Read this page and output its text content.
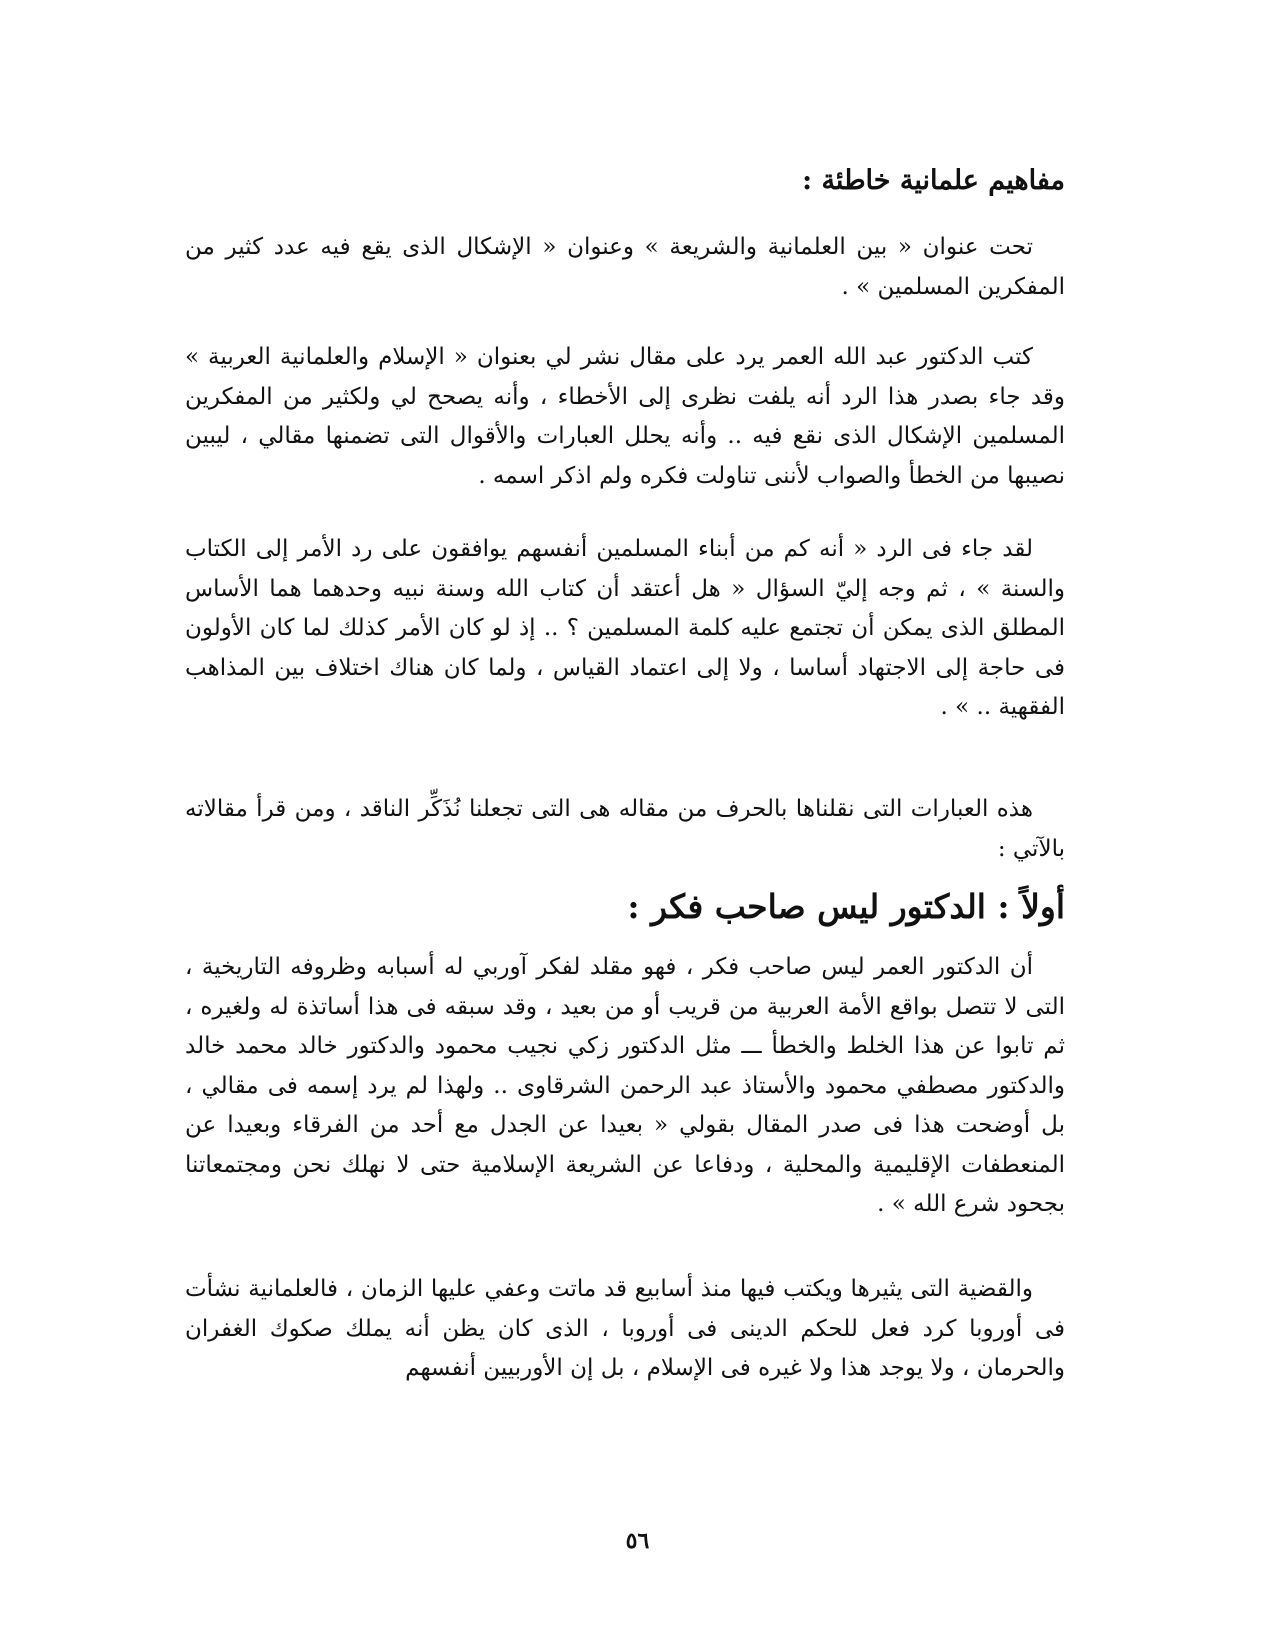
مفاهيم علمانية خاطئة :

تحت عنوان « بين العلمانية والشريعة » وعنوان « الإشكال الذى يقع فيه عدد كثير من المفكرين المسلمين » .

كتب الدكتور عبد الله العمر يرد على مقال نشر لي بعنوان « الإسلام والعلمانية العربية » وقد جاء بصدر هذا الرد أنه يلفت نظرى إلى الأخطاء ، وأنه يصحح لي ولكثير من المفكرين المسلمين الإشكال الذى نقع فيه .. وأنه يحلل العبارات والأقوال التى تضمنها مقالي ، ليبين نصيبها من الخطأ والصواب لأننى تناولت فكره ولم اذكر اسمه .

لقد جاء فى الرد « أنه كم من أبناء المسلمين أنفسهم يوافقون على رد الأمر إلى الكتاب والسنة » ، ثم وجه إليّ السؤال « هل أعتقد أن كتاب الله وسنة نبيه وحدهما هما الأساس المطلق الذى يمكن أن تجتمع عليه كلمة المسلمين ؟ .. إذ لو كان الأمر كذلك لما كان الأولون فى حاجة إلى الاجتهاد أساسا ، ولا إلى اعتماد القياس ، ولما كان هناك اختلاف بين المذاهب الفقهية .. » .

هذه العبارات التى نقلناها بالحرف من مقاله هى التى تجعلنا نُذَكِّر الناقد ، ومن قرأ مقالاته بالآتي :

أولاً : الدكتور ليس صاحب فكر :

أن الدكتور العمر ليس صاحب فكر ، فهو مقلد لفكر آوربي له أسبابه وظروفه التاريخية ، التى لا تتصل بواقع الأمة العربية من قريب أو من بعيد ، وقد سبقه فى هذا أساتذة له ولغيره ، ثم تابوا عن هذا الخلط والخطأ ـــ مثل الدكتور زكي نجيب محمود والدكتور خالد محمد خالد والدكتور مصطفي محمود والأستاذ عبد الرحمن الشرقاوى .. ولهذا لم يرد إسمه فى مقالي ، بل أوضحت هذا فى صدر المقال بقولي « بعيدا عن الجدل مع أحد من الفرقاء وبعيدا عن المنعطفات الإقليمية والمحلية ، ودفاعا عن الشريعة الإسلامية حتى لا نهلك نحن ومجتمعاتنا بجحود شرع الله » .

والقضية التى يثيرها ويكتب فيها منذ أسابيع قد ماتت وعفي عليها الزمان ، فالعلمانية نشأت فى أوروبا كرد فعل للحكم الدينى فى أوروبا ، الذى كان يظن أنه يملك صكوك الغفران والحرمان ، ولا يوجد هذا ولا غيره فى الإسلام ، بل إن الأوربيين أنفسهم

٥٦
